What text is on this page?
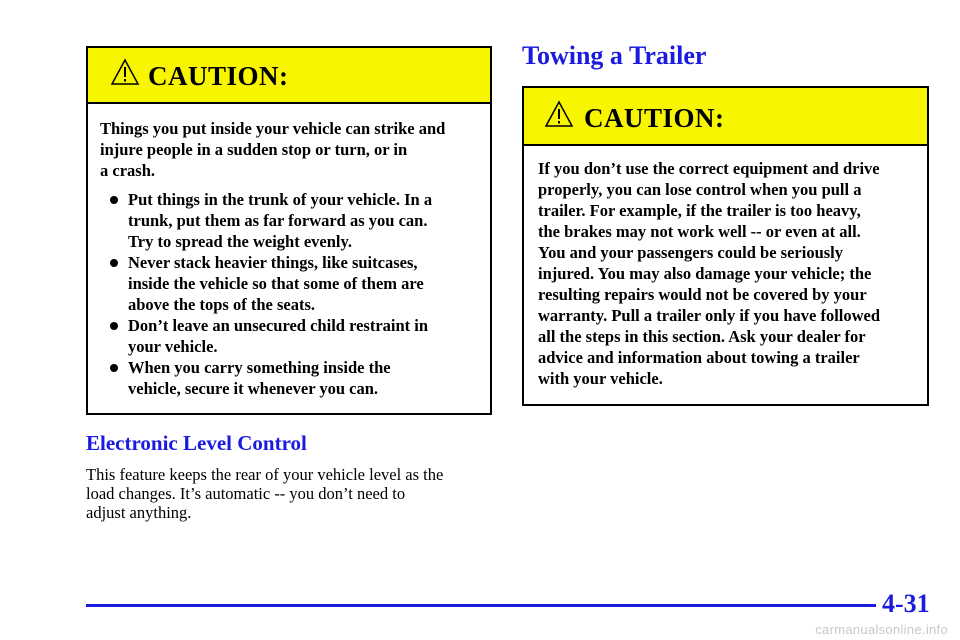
CAUTION:

Things you put inside your vehicle can strike and
injure people in a sudden stop or turn, or in
a crash.

Put things in the trunk of your vehicle. In a
trunk, put them as far forward as you can.
Try to spread the weight evenly.
Never stack heavier things, like suitcases,
inside the vehicle so that some of them are
above the tops of the seats.
Don’t leave an unsecured child restraint in
your vehicle.
When you carry something inside the
vehicle, secure it whenever you can.
Electronic Level Control

This feature keeps the rear of your vehicle level as the
load changes. It’s automatic -- you don’t need to
adjust anything.

Towing a Trailer
CAUTION:

If you don’t use the correct equipment and drive
properly, you can lose control when you pull a
trailer. For example, if the trailer is too heavy,
the brakes may not work well -- or even at all.
You and your passengers could be seriously
injured. You may also damage your vehicle; the
resulting repairs would not be covered by your
warranty. Pull a trailer only if you have followed
all the steps in this section. Ask your dealer for
advice and information about towing a trailer
with your vehicle.

4-31
carmanualsonline.info
